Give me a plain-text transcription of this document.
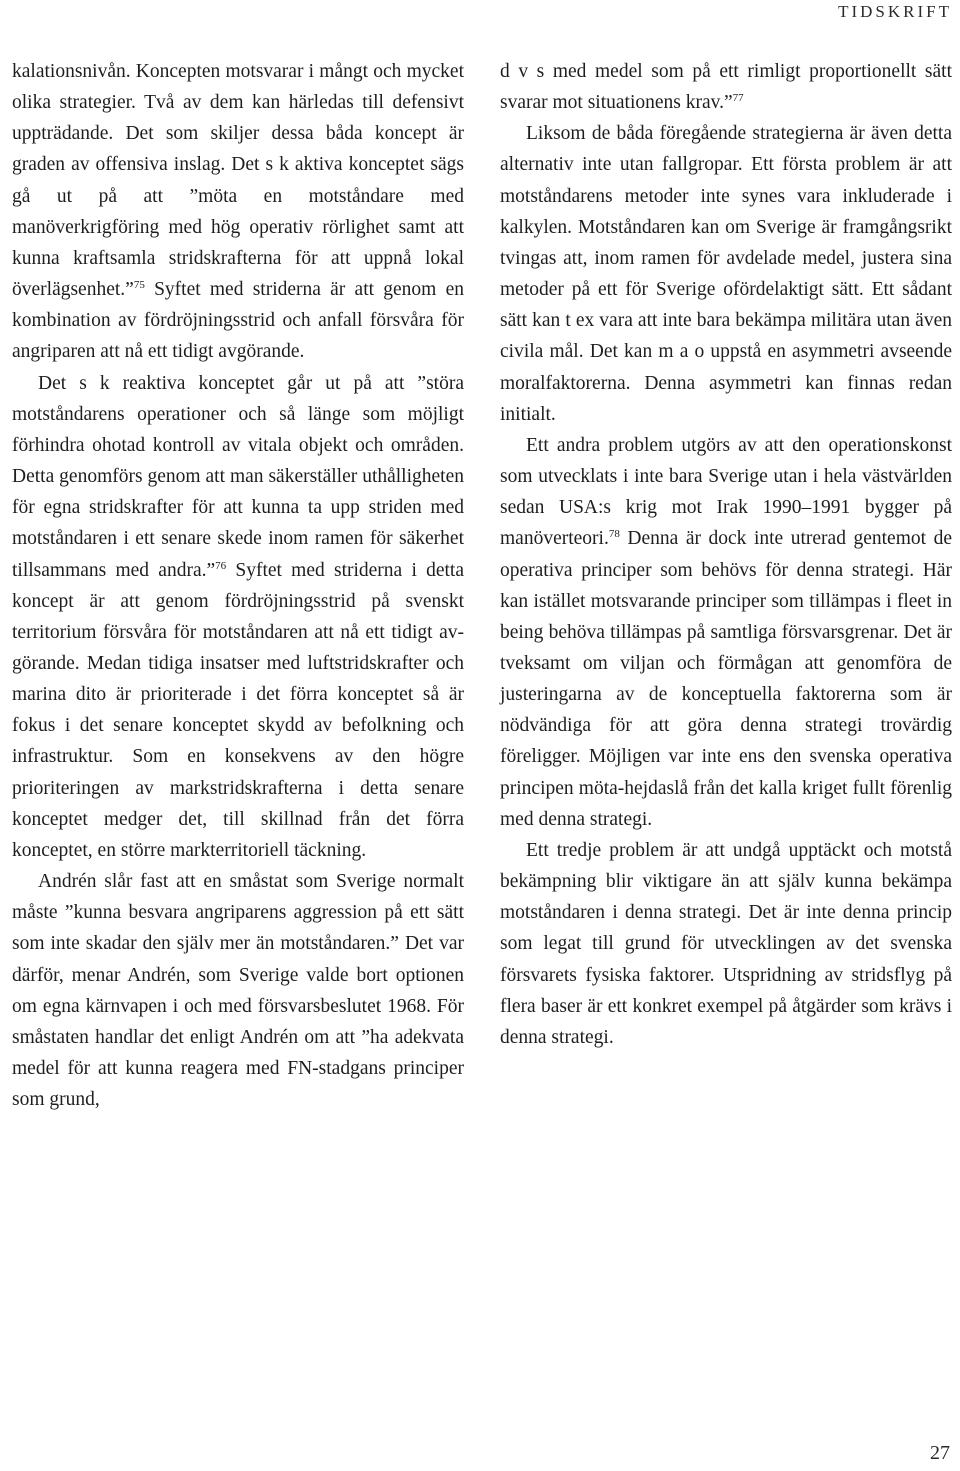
TIDSKRIFT

kalationsnivån. Koncepten motsvarar i mångt och mycket olika strategier. Två av dem kan härledas till defensivt uppträdande. Det som skiljer dessa båda koncept är graden av offensiva inslag. Det s k aktiva konceptet sägs gå ut på att ”möta en motståndare med manöverkrigföring med hög operativ rörlighet samt att kunna kraftsamla stridskrafterna för att uppnå lokal överlägsenhet.”$^{75}$ Syftet med striderna är att genom en kombination av fördröjningsstrid och anfall försvåra för angriparen att nå ett tidigt avgörande.

Det s k reaktiva konceptet går ut på att ”störa motståndarens operationer och så länge som möjligt förhindra ohotad kontroll av vitala objekt och områden. Detta genomförs genom att man säkerställer uthålligheten för egna stridskrafter för att kunna ta upp striden med motståndaren i ett senare skede inom ramen för säkerhet tillsammans med andra.”$^{76}$ Syftet med striderna i detta koncept är att genom fördröjningsstrid på svenskt territorium försvåra för motståndaren att nå ett tidigt avgörande. Medan tidiga insatser med luftstridskrafter och marina dito är prioriterade i det förra konceptet så är fokus i det senare konceptet skydd av befolkning och infrastruktur. Som en konsekvens av den högre prioriteringen av markstridskrafterna i detta senare konceptet medger det, till skillnad från det förra konceptet, en större markterritoriell täckning.

Andrén slår fast att en småstat som Sverige normalt måste ”kunna besvara angriparens aggression på ett sätt som inte skadar den själv mer än motståndaren.” Det var därför, menar Andrén, som Sverige valde bort optionen om egna kärnvapen i och med försvarsbeslutet 1968. För småstaten handlar det enligt Andrén om att ”ha adekvata medel för att kunna reagera med FN-stadgans principer som grund,

d v s med medel som på ett rimligt proportionellt sätt svarar mot situationens krav.”$^{77}$

Liksom de båda föregående strategierna är även detta alternativ inte utan fallgropar. Ett första problem är att motståndarens metoder inte synes vara inkluderade i kalkylen. Motståndaren kan om Sverige är framgångsrikt tvingas att, inom ramen för avdelade medel, justera sina metoder på ett för Sverige ofördelaktigt sätt. Ett sådant sätt kan t ex vara att inte bara bekämpa militära utan även civila mål. Det kan m a o uppstå en asymmetri avseende moralfaktorerna. Denna asymmetri kan finnas redan initialt.

Ett andra problem utgörs av att den operationskonst som utvecklats i inte bara Sverige utan i hela västvärlden sedan USA:s krig mot Irak 1990–1991 bygger på manöverteori.$^{78}$ Denna är dock inte utrerad gentemot de operativa principer som behövs för denna strategi. Här kan istället motsvarande principer som tillämpas i fleet in being behöva tillämpas på samtliga försvarsgrenar. Det är tveksamt om viljan och förmågan att genomföra de justeringarna av de konceptuella faktorerna som är nödvändiga för att göra denna strategi trovärdig föreligger. Möjligen var inte ens den svenska operativa principen möta-hejdaslå från det kalla kriget fullt förenlig med denna strategi.

Ett tredje problem är att undgå upptäckt och motstå bekämpning blir viktigare än att själv kunna bekämpa motståndaren i denna strategi. Det är inte denna princip som legat till grund för utvecklingen av det svenska försvarets fysiska faktorer. Utspridning av stridsflyg på flera baser är ett konkret exempel på åtgärder som krävs i denna strategi.

27
